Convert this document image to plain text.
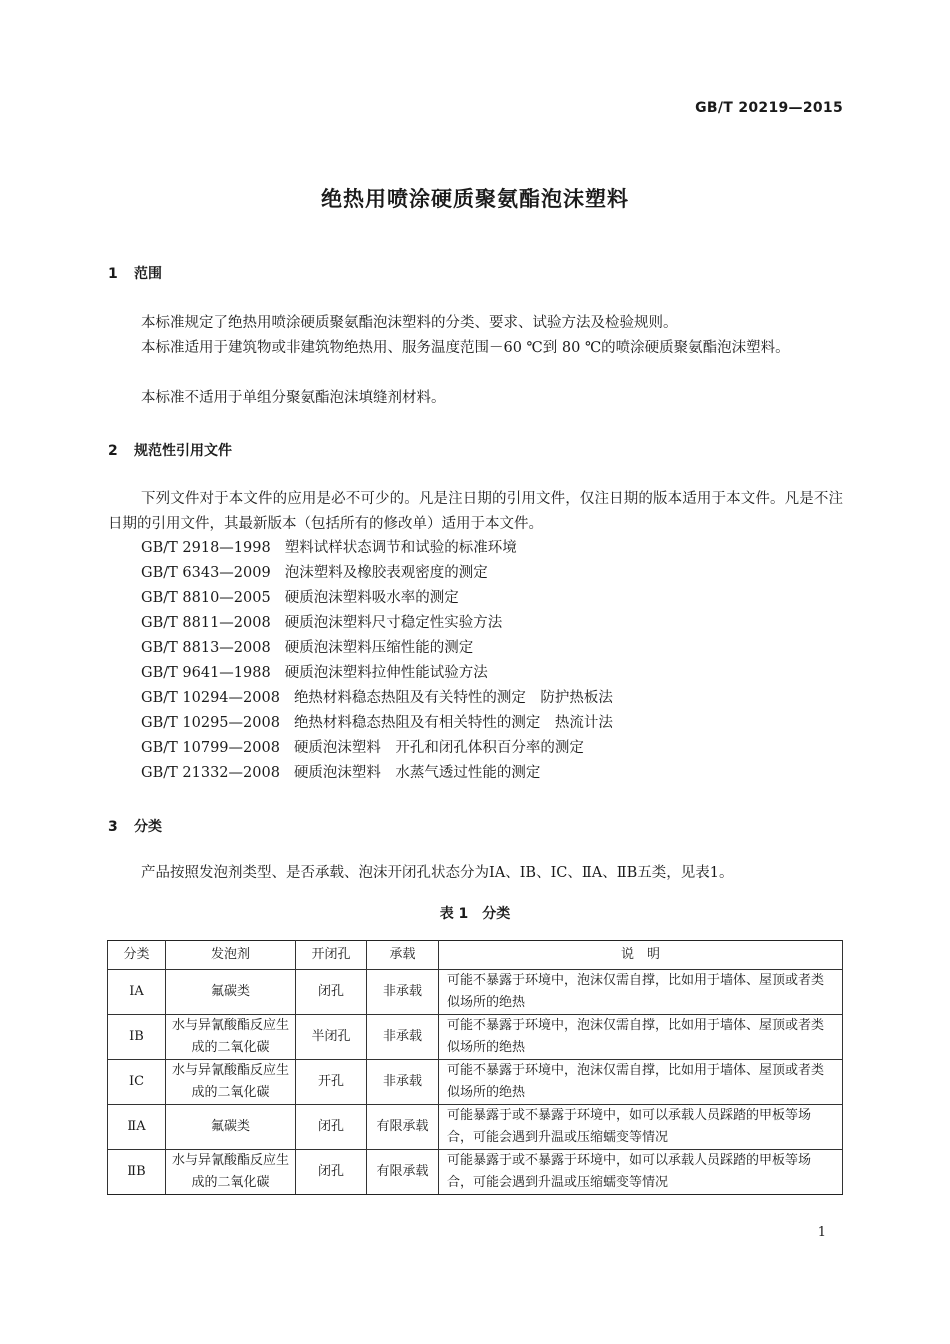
GB/T 20219—2015
绝热用喷涂硬质聚氨酯泡沫塑料
1 范围
本标准规定了绝热用喷涂硬质聚氨酯泡沫塑料的分类、要求、试验方法及检验规则。
本标准适用于建筑物或非建筑物绝热用、服务温度范围－60 ℃到 80 ℃的喷涂硬质聚氨酯泡沫塑料。
本标准不适用于单组分聚氨酯泡沫填缝剂材料。
2 规范性引用文件
下列文件对于本文件的应用是必不可少的。凡是注日期的引用文件，仅注日期的版本适用于本文件。凡是不注日期的引用文件，其最新版本（包括所有的修改单）适用于本文件。
GB/T 2918—1998 塑料试样状态调节和试验的标准环境
GB/T 6343—2009 泡沫塑料及橡胶表观密度的测定
GB/T 8810—2005 硬质泡沫塑料吸水率的测定
GB/T 8811—2008 硬质泡沫塑料尺寸稳定性实验方法
GB/T 8813—2008 硬质泡沫塑料压缩性能的测定
GB/T 9641—1988 硬质泡沫塑料拉伸性能试验方法
GB/T 10294—2008 绝热材料稳态热阻及有关特性的测定　防护热板法
GB/T 10295—2008 绝热材料稳态热阻及有相关特性的测定　热流计法
GB/T 10799—2008 硬质泡沫塑料　开孔和闭孔体积百分率的测定
GB/T 21332—2008 硬质泡沫塑料　水蒸气透过性能的测定
3 分类
产品按照发泡剂类型、是否承载、泡沫开闭孔状态分为ⅠA、ⅠB、ⅠC、ⅡA、ⅡB五类，见表1。
表 1　分类
分类	发泡剂	开闭孔	承载	说　明
ⅠA	氟碳类	闭孔	非承载	可能不暴露于环境中，泡沫仅需自撑，比如用于墙体、屋顶或者类似场所的绝热
ⅠB	水与异氰酸酯反应生成的二氧化碳	半闭孔	非承载	可能不暴露于环境中，泡沫仅需自撑，比如用于墙体、屋顶或者类似场所的绝热
ⅠC	水与异氰酸酯反应生成的二氧化碳	开孔	非承载	可能不暴露于环境中，泡沫仅需自撑，比如用于墙体、屋顶或者类似场所的绝热
ⅡA	氟碳类	闭孔	有限承载	可能暴露于或不暴露于环境中，如可以承载人员踩踏的甲板等场合，可能会遇到升温或压缩蠕变等情况
ⅡB	水与异氰酸酯反应生成的二氧化碳	闭孔	有限承载	可能暴露于或不暴露于环境中，如可以承载人员踩踏的甲板等场合，可能会遇到升温或压缩蠕变等情况
1
